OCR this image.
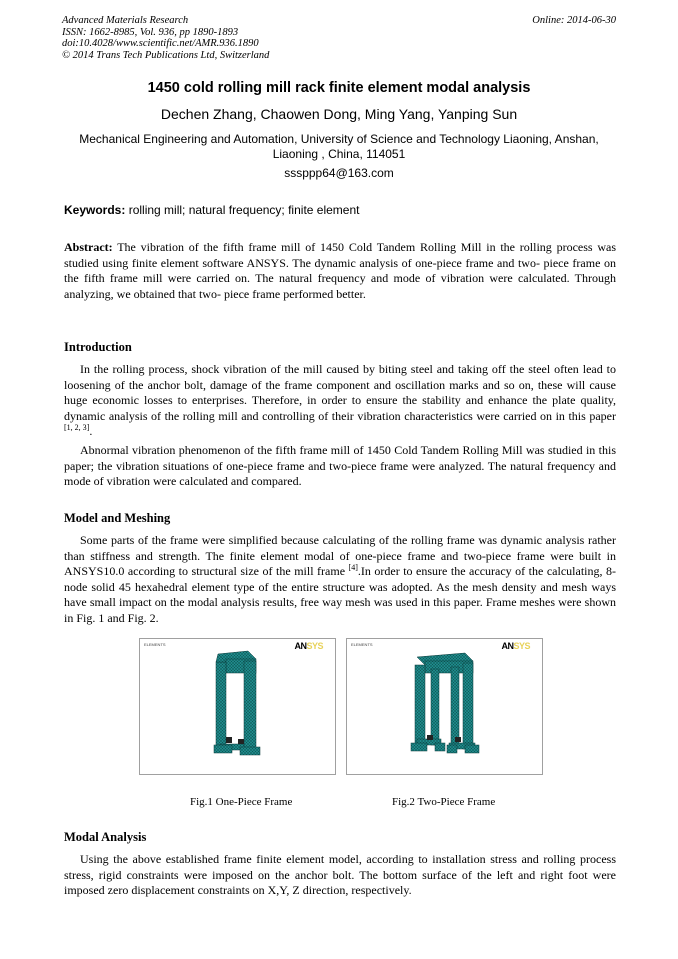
Advanced Materials Research
ISSN: 1662-8985, Vol. 936, pp 1890-1893
doi:10.4028/www.scientific.net/AMR.936.1890
© 2014 Trans Tech Publications Ltd, Switzerland
Online: 2014-06-30
1450 cold rolling mill rack finite element modal analysis
Dechen Zhang, Chaowen Dong, Ming Yang, Yanping Sun
Mechanical Engineering and Automation, University of Science and Technology Liaoning, Anshan, Liaoning , China, 114051
sssppp64@163.com
Keywords: rolling mill; natural frequency; finite element
Abstract: The vibration of the fifth frame mill of 1450 Cold Tandem Rolling Mill in the rolling process was studied using finite element software ANSYS. The dynamic analysis of one-piece frame and two- piece frame on the fifth frame mill were carried on. The natural frequency and mode of vibration were calculated. Through analyzing, we obtained that two- piece frame performed better.
Introduction
In the rolling process, shock vibration of the mill caused by biting steel and taking off the steel often lead to loosening of the anchor bolt, damage of the frame component and oscillation marks and so on, these will cause huge economic losses to enterprises. Therefore, in order to ensure the stability and enhance the plate quality, dynamic analysis of the rolling mill and controlling of their vibration characteristics were carried on in this paper [1, 2, 3].
Abnormal vibration phenomenon of the fifth frame mill of 1450 Cold Tandem Rolling Mill was studied in this paper; the vibration situations of one-piece frame and two-piece frame were analyzed. The natural frequency and mode of vibration were calculated and compared.
Model and Meshing
Some parts of the frame were simplified because calculating of the rolling frame was dynamic analysis rather than stiffness and strength. The finite element modal of one-piece frame and two-piece frame were built in ANSYS10.0 according to structural size of the mill frame [4].In order to ensure the accuracy of the calculating, 8-node solid 45 hexahedral element type of the entire structure was adopted. As the mesh density and mesh ways have small impact on the modal analysis results, free way mesh was used in this paper. Frame meshes were shown in Fig. 1 and Fig. 2.
ELEMENTS	ANSYS	ELEMENTS	ANSYS
Fig.1 One-Piece Frame	Fig.2 Two-Piece Frame
Modal Analysis
Using the above established frame finite element model, according to installation stress and rolling process stress, rigid constraints were imposed on the anchor bolt. The bottom surface of the left and right foot were imposed zero displacement constraints on X,Y, Z direction, respectively.
